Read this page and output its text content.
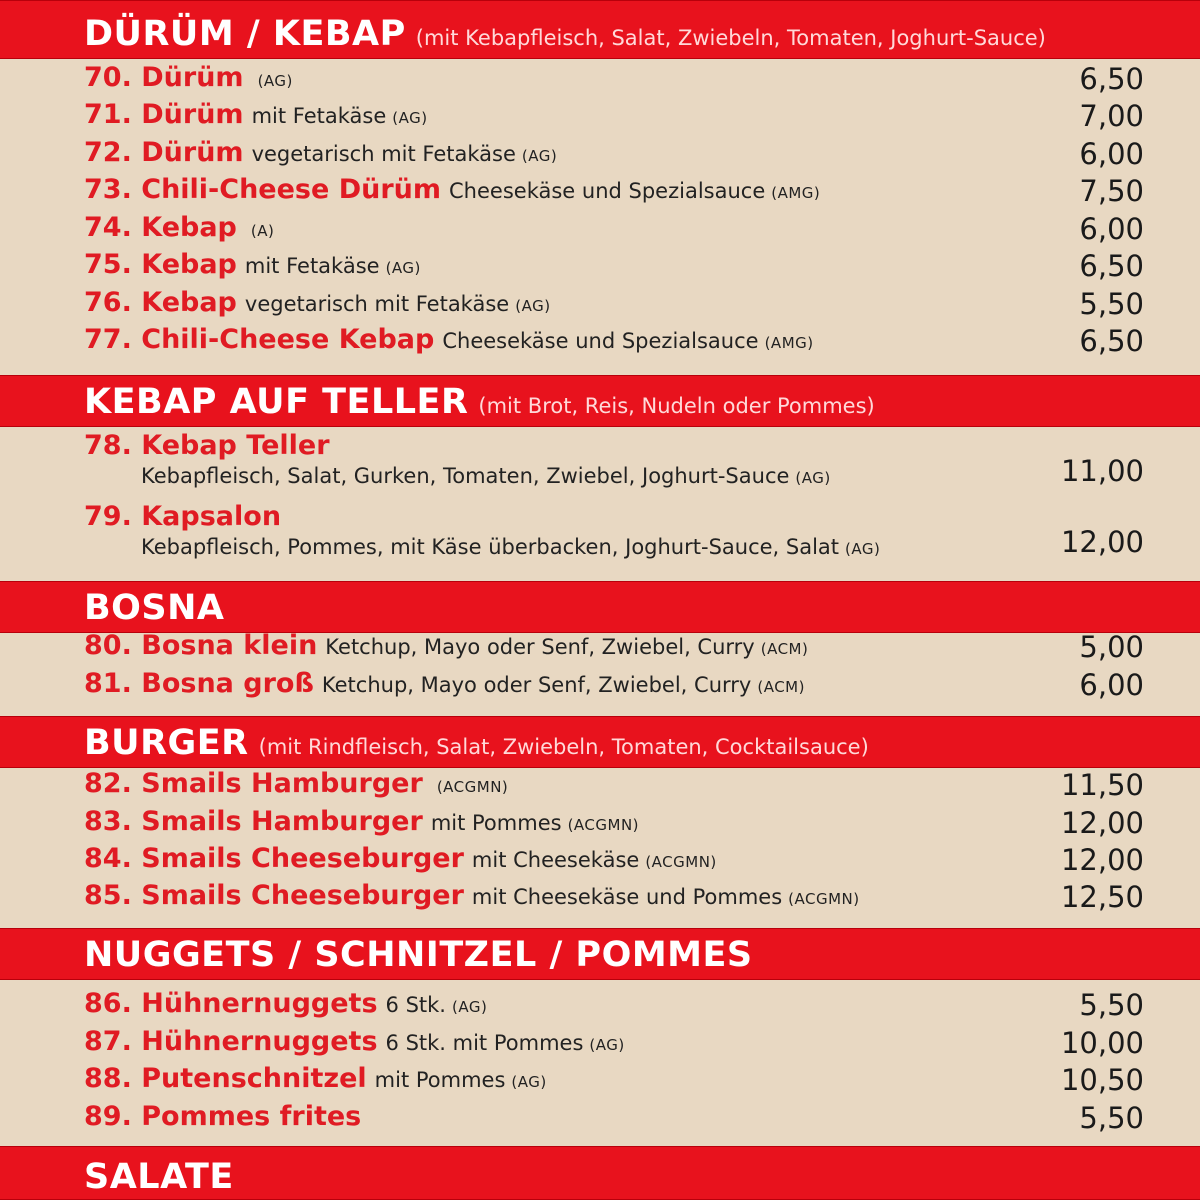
DÜRÜM / KEBAP (mit Kebapfleisch, Salat, Zwiebeln, Tomaten, Joghurt-Sauce)
70. Dürüm (AG)	6,50
71. Dürüm mit Fetakäse (AG)	7,00
72. Dürüm vegetarisch mit Fetakäse (AG)	6,00
73. Chili-Cheese Dürüm Cheesekäse und Spezialsauce (AMG)	7,50
74. Kebap (A)	6,00
75. Kebap mit Fetakäse (AG)	6,50
76. Kebap vegetarisch mit Fetakäse (AG)	5,50
77. Chili-Cheese Kebap Cheesekäse und Spezialsauce (AMG)	6,50
KEBAP AUF TELLER (mit Brot, Reis, Nudeln oder Pommes)
78. Kebap Teller
Kebapfleisch, Salat, Gurken, Tomaten, Zwiebel, Joghurt-Sauce (AG)	11,00
79. Kapsalon
Kebapfleisch, Pommes, mit Käse überbacken, Joghurt-Sauce, Salat (AG)	12,00
BOSNA
80. Bosna klein Ketchup, Mayo oder Senf, Zwiebel, Curry (ACM)	5,00
81. Bosna groß Ketchup, Mayo oder Senf, Zwiebel, Curry (ACM)	6,00
BURGER (mit Rindfleisch, Salat, Zwiebeln, Tomaten, Cocktailsauce)
82. Smails Hamburger (ACGMN)	11,50
83. Smails Hamburger mit Pommes (ACGMN)	12,00
84. Smails Cheeseburger mit Cheesekäse (ACGMN)	12,00
85. Smails Cheeseburger mit Cheesekäse und Pommes (ACGMN)	12,50
NUGGETS / SCHNITZEL / POMMES
86. Hühnernuggets 6 Stk. (AG)	5,50
87. Hühnernuggets 6 Stk. mit Pommes (AG)	10,00
88. Putenschnitzel mit Pommes (AG)	10,50
89. Pommes frites	5,50
SALATE
